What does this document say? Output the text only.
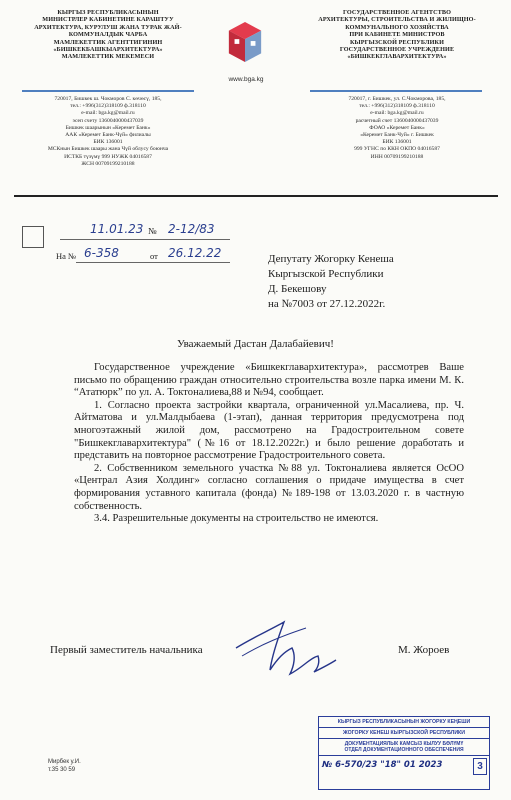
КЫРГЫЗ РЕСПУБЛИКАСЫНЫН
МИНИСТРЛЕР КАБИНЕТИНЕ КАРАШТУУ
АРХИТЕКТУРА, КУРУЛУШ ЖАНА ТУРАК ЖАЙ-
КОММУНАЛДЫК ЧАРБА
МАМЛЕКЕТТИК АГЕНТТИГИНИН
«БИШКЕКБАШКЫАРХИТЕКТУРА»
МАМЛЕКЕТТИК МЕКЕМЕСИ
720017, Бишкек ш. Чокморов С. көчөсү, 185,
тел.: +996(312)318109 ф.318110
e-mail: bga.kg@mail.ru
эсеп счету 1360040000437039
Бишкек шаарынын «Керемет Банк»
ААК «Керемет Банк-Чүй» филиалы
БИК 136001
МСКнын Бишкек шаары жана Чүй облусу боюнча
ИСТКБ түзүмү 999 НУЖК 04016587
ЖСН 00709199210188
www.bga.kg
ГОСУДАРСТВЕННОЕ АГЕНТСТВО
АРХИТЕКТУРЫ, СТРОИТЕЛЬСТВА И ЖИЛИЩНО-
КОММУНАЛЬНОГО ХОЗЯЙСТВА
ПРИ КАБИНЕТЕ МИНИСТРОВ
КЫРГЫЗСКОЙ РЕСПУБЛИКИ
ГОСУДАРСТВЕННОЕ УЧРЕЖДЕНИЕ
«БИШКЕКГЛАВАРХИТЕКТУРА»
720017, г. Бишкек, ул. С.Чокморова, 185,
тел.: +996(312)318109 ф.318110
e-mail: bga.kg@mail.ru
расчетный счет 1360040000437039
ФОАО «Керемет Банк»
«Керемет Банк-Чуй» г. Бишкек
БИК 136001
999 УГНС по ККН ОКПО 04016587
ИНН 00709199210188
11.01.23 № 2-12/83
На № 6-358	от 26.12.22	Депутату Жогорку Кенеша
Кыргызской Республики
Д. Бекешову
на №7003 от 27.12.2022г.
Уважаемый Дастан Далабайевич!

Государственное учреждение «Бишкекглавархитектура», рассмотрев Ваше письмо по обращению граждан относительно строительства возле парка имени М. К. “Ататюрк” по ул. А. Токтоналиева,88 и №94, сообщает.

1. Согласно проекта застройки квартала, ограниченной ул.Масалиева, пр. Ч. Айтматова и ул.Малдыбаева (1-этап), данная территория предусмотрена под многоэтажный жилой дом, рассмотрено на Градостроительном совете "Бишкекглавархитектура" (№16 от 18.12.2022г.) и было решение доработать и представить на повторное рассмотрение Градостроительного совета.

2. Собственником земельного участка №88 ул. Токтоналиева является ОсОО «Централ Азия Холдинг» согласно соглашения о придаче имущества в счет формирования уставного капитала (фонда) №189-198 от 13.03.2020 г. в частную собственность.

3.4. Разрешительные документы на строительство не имеются.

Первый заместитель начальника	М. Жороев
Мирбек у.И.
т.35 30 59
КЫРГЫЗ РЕСПУБЛИКАСЫНЫН ЖОГОРКУ КЕҢЕШИ
ЖОГОРКУ КЕНЕШ КЫРГЫЗСКОЙ РЕСПУБЛИКИ
ДОКУМЕНТАЦИЯЛЫК КАМСЫЗ КЫЛУУ БӨЛҮМҮ
ОТДЕЛ ДОКУМЕНТАЦИОННОГО ОБЕСПЕЧЕНИЯ
№ 6-570/23 "18" 01 2023	3
